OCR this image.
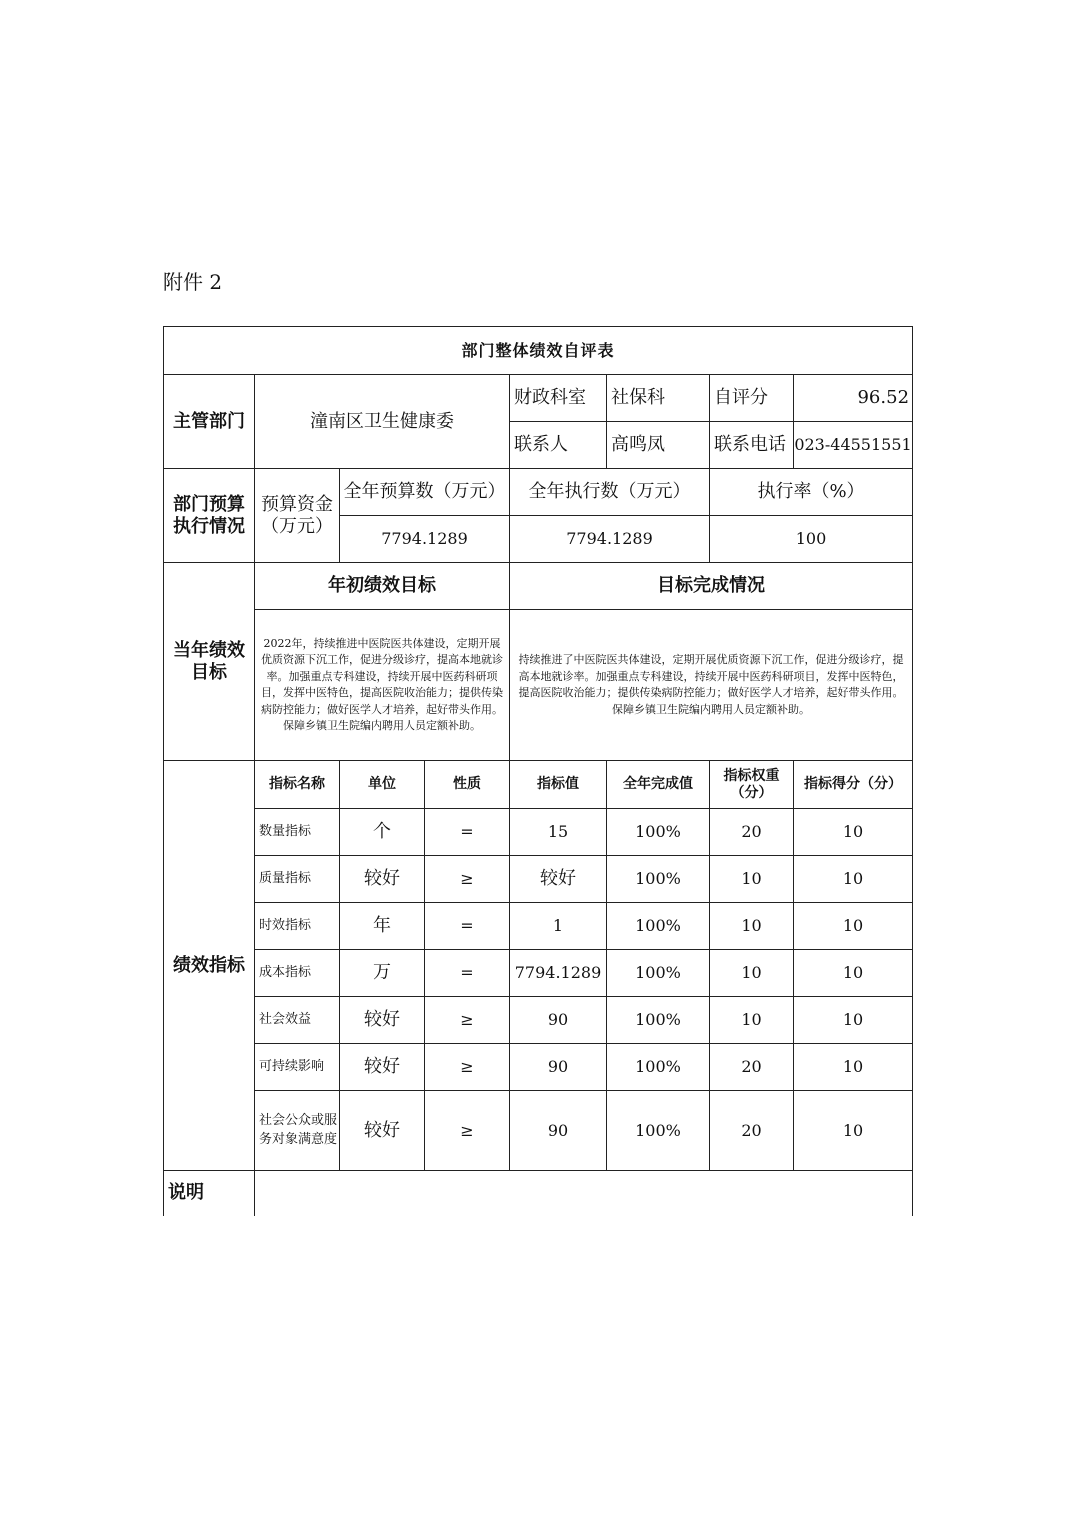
附件 2
部门整体绩效自评表							
主管部门	潼南区卫生健康委			财政科室	社保科	自评分	96.52
				联系人	高鸣凤	联系电话	023-44551551
部门预算执行情况	预算资金（万元）	全年预算数（万元）		全年执行数（万元）		执行率（%）	
		7794.1289		7794.1289		100	
当年绩效目标	年初绩效目标			目标完成情况			
	2022年，持续推进中医院医共体建设，定期开展优质资源下沉工作，促进分级诊疗，提高本地就诊率。加强重点专科建设，持续开展中医药科研项目，发挥中医特色，提高医院收治能力；提供传染病防控能力；做好医学人才培养，起好带头作用。保障乡镇卫生院编内聘用人员定额补助。			持续推进了中医院医共体建设，定期开展优质资源下沉工作，促进分级诊疗，提高本地就诊率。加强重点专科建设，持续开展中医药科研项目，发挥中医特色，提高医院收治能力；提供传染病防控能力；做好医学人才培养，起好带头作用。保障乡镇卫生院编内聘用人员定额补助。			
绩效指标	指标名称	单位	性质	指标值	全年完成值	指标权重（分）	指标得分（分）
	数量指标	个	=	15	100%	20	10
	质量指标	较好	≥	较好	100%	10	10
	时效指标	年	=	1	100%	10	10
	成本指标	万	=	7794.1289	100%	10	10
	社会效益	较好	≥	90	100%	10	10
	可持续影响	较好	≥	90	100%	20	10
	社会公众或服务对象满意度	较好	≥	90	100%	20	10
说明							
